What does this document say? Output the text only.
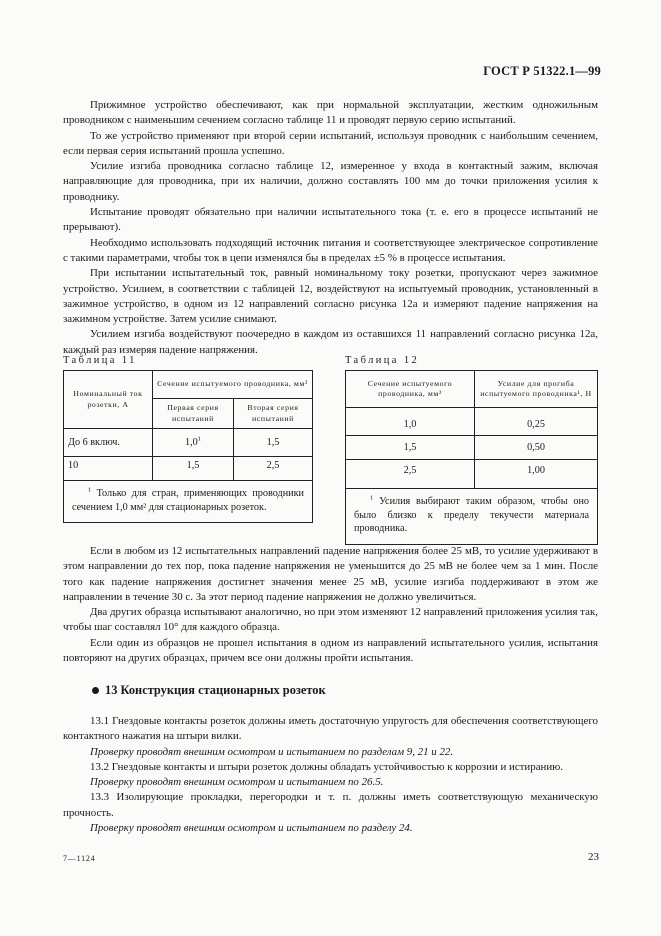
ГОСТ Р 51322.1—99

Прижимное устройство обеспечивают, как при нормальной эксплуатации, жестким одножильным проводником с наименьшим сечением согласно таблице 11 и проводят первую серию испытаний.

То же устройство применяют при второй серии испытаний, используя проводник с наибольшим сечением, если первая серия испытаний прошла успешно.

Усилие изгиба проводника согласно таблице 12, измеренное у входа в контактный зажим, включая направляющие для проводника, при их наличии, должно составлять 100 мм до точки приложения усилия к проводнику.

Испытание проводят обязательно при наличии испытательного тока (т. е. его в процессе испытаний не прерывают).

Необходимо использовать подходящий источник питания и соответствующее электрическое сопротивление с такими параметрами, чтобы ток в цепи изменялся бы в пределах ±5 % в процессе испытания.

При испытании испытательный ток, равный номинальному току розетки, пропускают через зажимное устройство. Усилием, в соответствии с таблицей 12, воздействуют на испытуемый проводник, установленный в зажимное устройство, в одном из 12 направлений согласно рисунка 12а и измеряют падение напряжения на зажимном устройстве. Затем усилие снимают.

Усилием изгиба воздействуют поочередно в каждом из оставшихся 11 направлений согласно рисунка 12а, каждый раз измеряя падение напряжения.

Таблица 11
Номинальный ток розетки, А	Сечение испытуемого проводника, мм²	
	Первая серия испытаний	Вторая серия испытаний
До 6 включ.	$1,0^1$	1,5
10	1,5	2,5
$^1$ Только для стран, применяющих проводники сечением 1,0 мм² для стационарных розеток.		
Таблица 12
Сечение испытуемого проводника, мм²	Усилие для прогиба испытуемого проводника¹, Н
1,0	0,25
1,5	0,50
2,5	1,00
$^1$ Усилия выбирают таким образом, чтобы оно было близко к пределу текучести материала проводника.	

Если в любом из 12 испытательных направлений падение напряжения более 25 мВ, то усилие удерживают в этом направлении до тех пор, пока падение напряжения не уменьшится до 25 мВ не более чем за 1 мин. После того как падение напряжения достигнет значения менее 25 мВ, усилие изгиба поддерживают в этом же направлении в течение 30 с. За этот период падение напряжения не должно увеличиться.

Два других образца испытывают аналогично, но при этом изменяют 12 направлений приложения усилия так, чтобы шаг составлял 10° для каждого образца.

Если один из образцов не прошел испытания в одном из направлений испытательного усилия, испытания повторяют на других образцах, причем все они должны пройти испытания.

13 Конструкция стационарных розеток

13.1 Гнездовые контакты розеток должны иметь достаточную упругость для обеспечения соответствующего контактного нажатия на штыри вилки.

Проверку проводят внешним осмотром и испытанием по разделам 9, 21 и 22.

13.2 Гнездовые контакты и штыри розеток должны обладать устойчивостью к коррозии и истиранию.

Проверку проводят внешним осмотром и испытанием по 26.5.

13.3 Изолирующие прокладки, перегородки и т. п. должны иметь соответствующую механическую прочность.

Проверку проводят внешним осмотром и испытанием по разделу 24.

7—1124	23
